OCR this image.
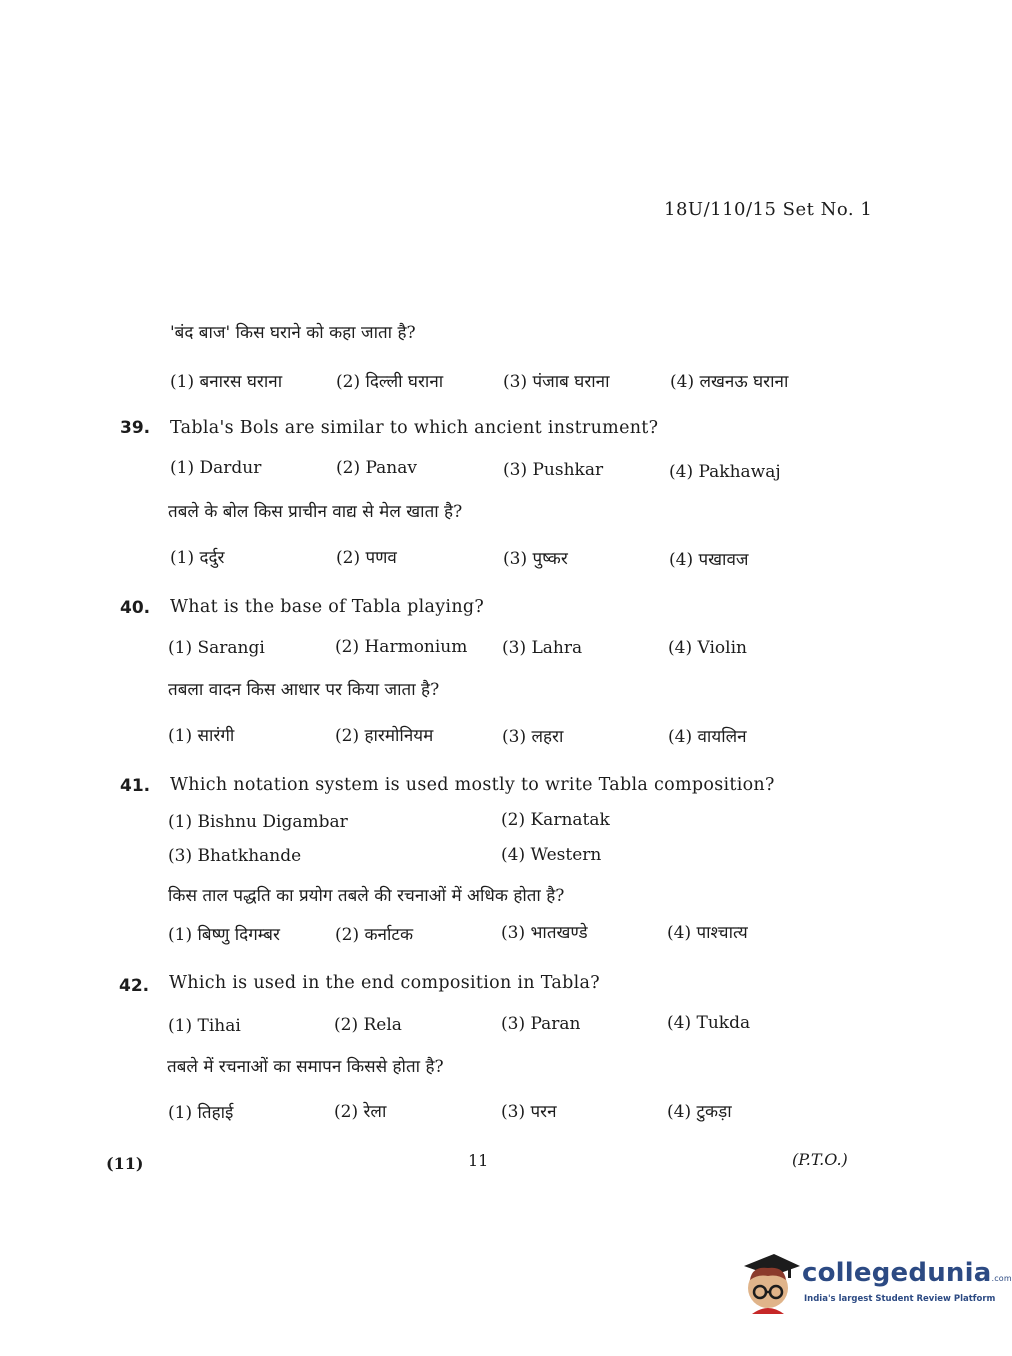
18U/110/15 Set No. 1
'बंद बाज' किस घराने को कहा जाता है?
(1) बनारस घराना	(2) दिल्ली घराना	(3) पंजाब घराना	(4) लखनऊ घराना
39. Tabla's Bols are similar to which ancient instrument?
(1) Dardur	(2) Panav	(3) Pushkar	(4) Pakhawaj
तबले के बोल किस प्राचीन वाद्य से मेल खाता है?
(1) दर्दुर	(2) पणव	(3) पुष्कर	(4) पखावज
40. What is the base of Tabla playing?
(1) Sarangi	(2) Harmonium (3) Lahra	(4) Violin
तबला वादन किस आधार पर किया जाता है?
(1) सारंगी	(2) हारमोनियम	(3) लहरा	(4) वायलिन
41. Which notation system is used mostly to write Tabla composition?
(1) Bishnu Digambar	(2) Karnatak
(3) Bhatkhande	(4) Western
किस ताल पद्धति का प्रयोग तबले की रचनाओं में अधिक होता है?
(1) बिष्णु दिगम्बर	(2) कर्नाटक	(3) भातखण्डे	(4) पाश्चात्य
42. Which is used in the end composition in Tabla?
(1) Tihai	(2) Rela	(3) Paran	(4) Tukda
तबले में रचनाओं का समापन किससे होता है?
(1) तिहाई	(2) रेला	(3) परन	(4) टुकड़ा
(11)	11	(P.T.O.)
collegedunia.com
India's largest Student Review Platform
